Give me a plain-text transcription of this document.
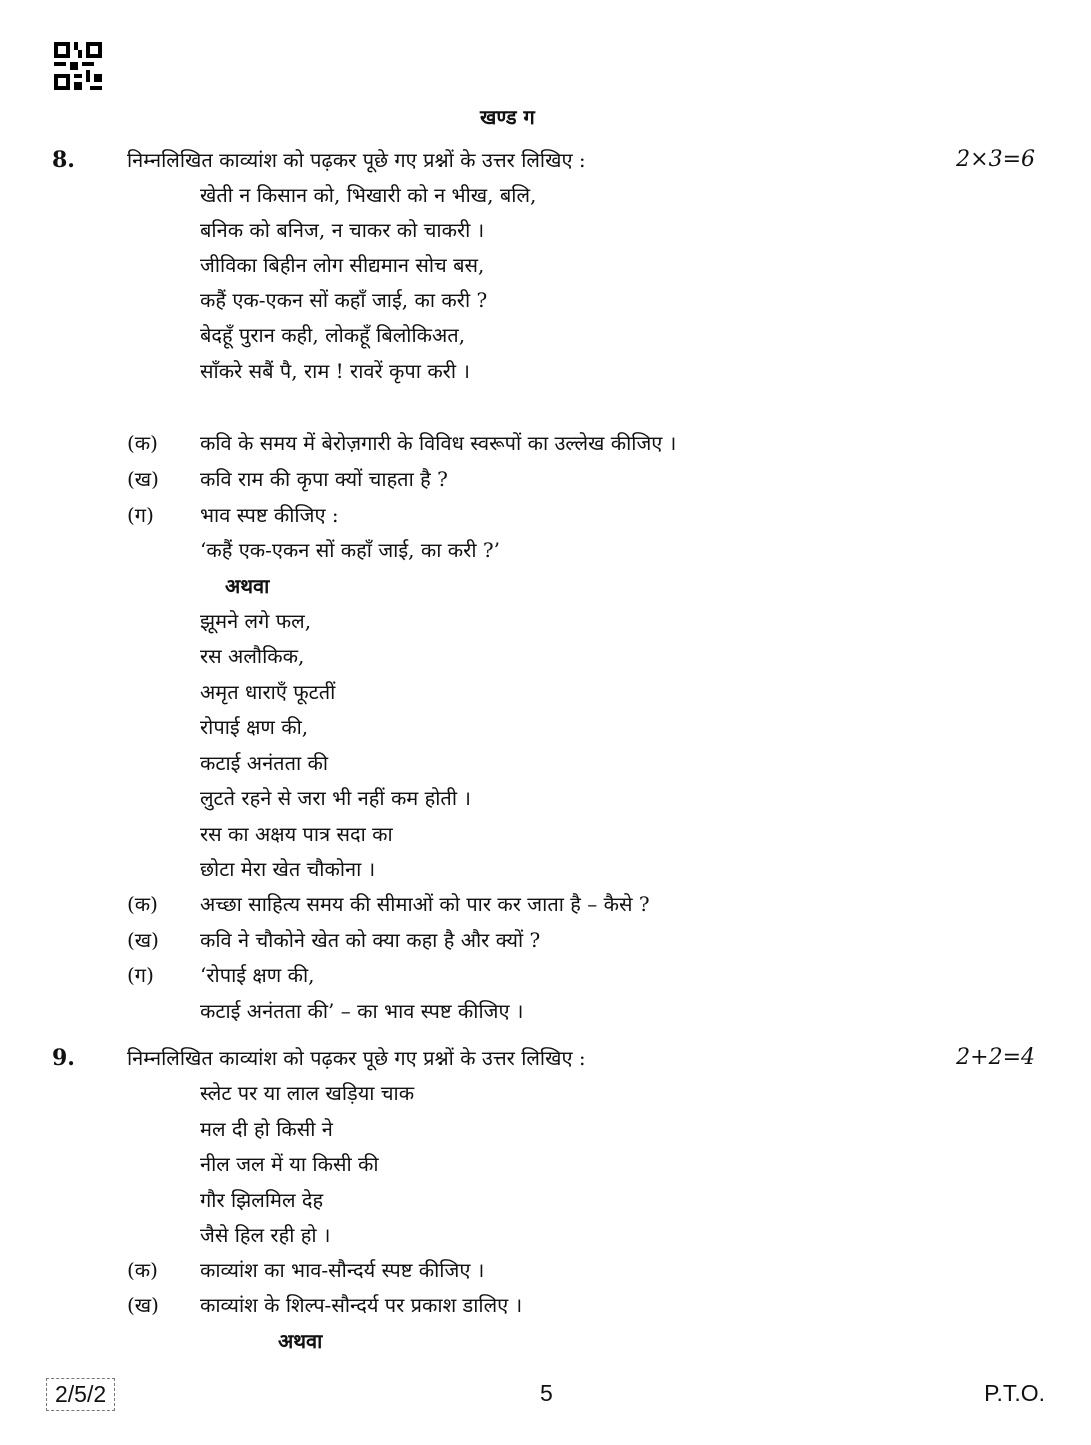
खण्ड ग
8.	निम्नलिखित काव्यांश को पढ़कर पूछे गए प्रश्नों के उत्तर लिखिए :	2×3=6
खेती न किसान को, भिखारी को न भीख, बलि,
बनिक को बनिज, न चाकर को चाकरी ।
जीविका बिहीन लोग सीद्यमान सोच बस,
कहैं एक-एकन सों कहाँ जाई, का करी ?
बेदहूँ पुरान कही, लोकहूँ बिलोकिअत,
साँकरे सबैं पै, राम ! रावरें कृपा करी ।
(क) कवि के समय में बेरोज़गारी के विविध स्वरूपों का उल्लेख कीजिए ।
(ख) कवि राम की कृपा क्यों चाहता है ?
(ग) भाव स्पष्ट कीजिए :
‘कहैं एक-एकन सों कहाँ जाई, का करी ?’
अथवा
झूमने लगे फल,
रस अलौकिक,
अमृत धाराएँ फूटतीं
रोपाई क्षण की,
कटाई अनंतता की
लुटते रहने से जरा भी नहीं कम होती ।
रस का अक्षय पात्र सदा का
छोटा मेरा खेत चौकोना ।
(क) अच्छा साहित्य समय की सीमाओं को पार कर जाता है – कैसे ?
(ख) कवि ने चौकोने खेत को क्या कहा है और क्यों ?
(ग) ‘रोपाई क्षण की,
कटाई अनंतता की’ – का भाव स्पष्ट कीजिए ।
9.	निम्नलिखित काव्यांश को पढ़कर पूछे गए प्रश्नों के उत्तर लिखिए :	2+2=4
स्लेट पर या लाल खड़िया चाक
मल दी हो किसी ने
नील जल में या किसी की
गौर झिलमिल देह
जैसे हिल रही हो ।
(क) काव्यांश का भाव-सौन्दर्य स्पष्ट कीजिए ।
(ख) काव्यांश के शिल्प-सौन्दर्य पर प्रकाश डालिए ।
अथवा
2/5/2	5	P.T.O.
